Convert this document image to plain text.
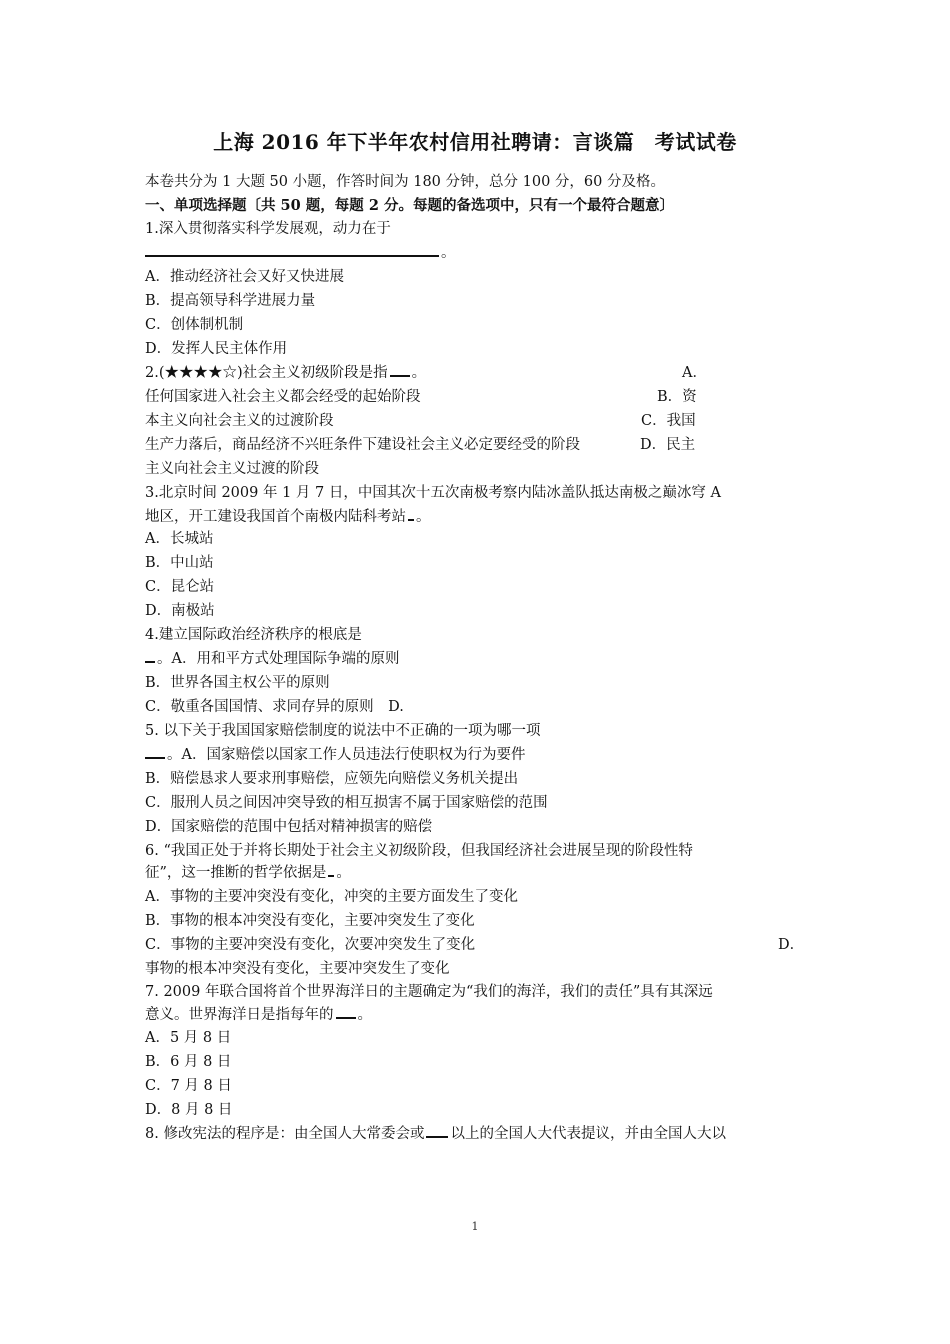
上海 2016 年下半年农村信用社聘请：言谈篇　考试试卷
本卷共分为 1 大题 50 小题，作答时间为 180 分钟，总分 100 分，60 分及格。
一、单项选择题〔共 50 题，每题 2 分。每题的备选项中，只有一个最符合题意〕
1.深入贯彻落实科学发展观，动力在于
。
A．推动经济社会又好又快进展
B．提高领导科学进展力量
C．创体制机制
D．发挥人民主体作用
2.(★★★★☆)社会主义初级阶段是指 。	A．
任何国家进入社会主义都会经受的起始阶段	B．资
本主义向社会主义的过渡阶段	C．我国
生产力落后，商品经济不兴旺条件下建设社会主义必定要经受的阶段	D．民主
主义向社会主义过渡的阶段
3.北京时间 2009 年 1 月 7 日，中国其次十五次南极考察内陆冰盖队抵达南极之巅冰穹 A
地区，开工建设我国首个南极内陆科考站 。
A．长城站
B．中山站
C．昆仑站
D．南极站
4.建立国际政治经济秩序的根底是
。A．用和平方式处理国际争端的原则
B．世界各国主权公平的原则
C．敬重各国国情、求同存异的原则　D.
5. 以下关于我国国家赔偿制度的说法中不正确的一项为哪一项
。A．国家赔偿以国家工作人员违法行使职权为行为要件
B．赔偿恳求人要求刑事赔偿，应领先向赔偿义务机关提出
C．服刑人员之间因冲突导致的相互损害不属于国家赔偿的范围
D．国家赔偿的范围中包括对精神损害的赔偿
6. “我国正处于并将长期处于社会主义初级阶段，但我国经济社会进展呈现的阶段性特
征”，这一推断的哲学依据是 。
A．事物的主要冲突没有变化，冲突的主要方面发生了变化
B．事物的根本冲突没有变化，主要冲突发生了变化
C．事物的主要冲突没有变化，次要冲突发生了变化	D．
事物的根本冲突没有变化，主要冲突发生了变化
7. 2009 年联合国将首个世界海洋日的主题确定为“我们的海洋，我们的责任”具有其深远
意义。世界海洋日是指每年的 。
A．5 月 8 日
B．6 月 8 日
C．7 月 8 日
D．8 月 8 日
8. 修改宪法的程序是：由全国人大常委会或 以上的全国人大代表提议，并由全国人大以
1
